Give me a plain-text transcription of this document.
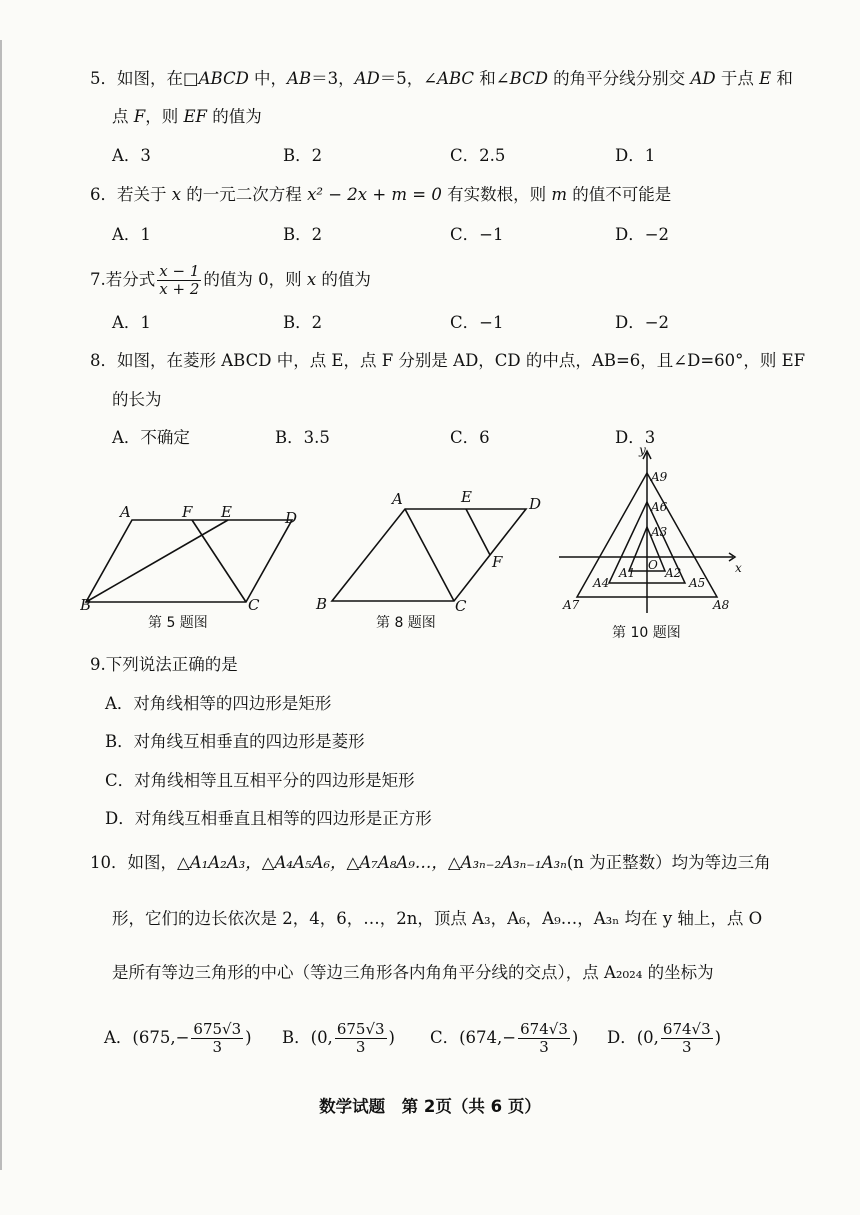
5．如图，在□ABCD 中，AB＝3，AD＝5，∠ABC 和∠BCD 的角平分线分别交 AD 于点 E 和
点 F，则 EF 的值为
A．3	B．2	C．2.5	D．1
6．若关于 x 的一元二次方程 x² − 2x + m = 0 有实数根，则 m 的值不可能是
A．1	B．2	C．−1	D．−2
7.若分式 $\frac{x - 1}{x + 2}$ 的值为 0，则 x 的值为
A．1	B．2	C．−1	D．−2
8．如图，在菱形 ABCD 中，点 E，点 F 分别是 AD，CD 的中点，AB=6，且∠D=60°，则 EF
的长为
A．不确定	B．3.5	C．6	D．3
A	F E	D
B	C
第 5 题图
A	E	D
F
B	C
第 8 题图
y
x
O
A9
A6
A3
A1 A2
A4	A5
A7	A8
第 10 题图
9.下列说法正确的是
A．对角线相等的四边形是矩形
B．对角线互相垂直的四边形是菱形
C．对角线相等且互相平分的四边形是矩形
D．对角线互相垂直且相等的四边形是正方形
10．如图，△A₁A₂A₃，△A₄A₅A₆，△A₇A₈A₉…，△A₃ₙ₋₂A₃ₙ₋₁A₃ₙ(n 为正整数）均为等边三角
形，它们的边长依次是 2，4，6，…，2n，顶点 A₃，A₆，A₉…，A₃ₙ 均在 y 轴上，点 O
是所有等边三角形的中心（等边三角形各内角角平分线的交点），点 A₂₀₂₄ 的坐标为
A．($675,- \frac{675√3}{3}$ ) B．(0, $\frac{675√3}{3}$ ) C．($674,- \frac{674√3}{3}$ ) D．(0, $\frac{674√3}{3}$ )
数学试题　第 2页（共 6 页）
